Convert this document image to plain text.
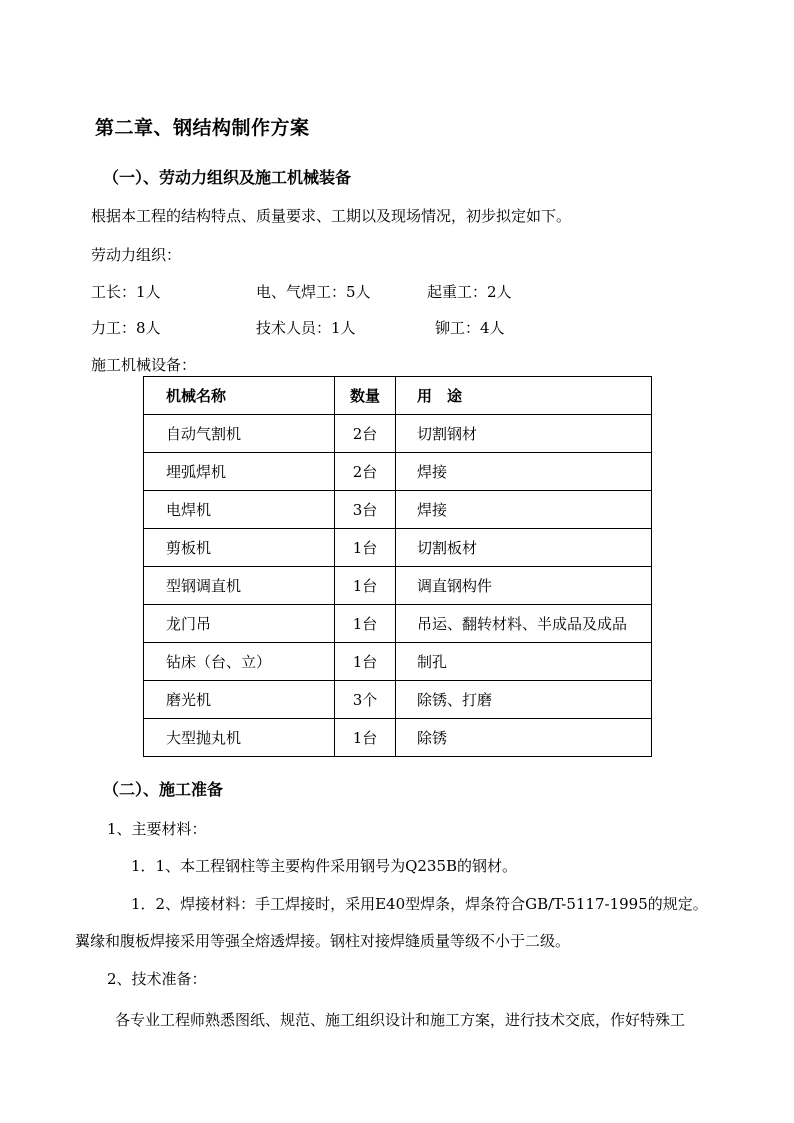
第二章、钢结构制作方案
（一）、劳动力组织及施工机械装备
根据本工程的结构特点、质量要求、工期以及现场情况，初步拟定如下。
劳动力组织：
工长：1人	电、气焊工：5人	起重工：2人
力工：8人	技术人员：1人	铆工：4人
施工机械设备：
机械名称	数量	用　途
自动气割机	2台	切割钢材
埋弧焊机	2台	焊接
电焊机	3台	焊接
剪板机	1台	切割板材
型钢调直机	1台	调直钢构件
龙门吊	1台	吊运、翻转材料、半成品及成品
钻床（台、立）	1台	制孔
磨光机	3个	除锈、打磨
大型抛丸机	1台	除锈
（二）、施工准备
1、主要材料：
1．1、本工程钢柱等主要构件采用钢号为Q235B的钢材。
1．2、焊接材料：手工焊接时，采用E40型焊条，焊条符合GB/T-5117-1995的规定。
翼缘和腹板焊接采用等强全熔透焊接。钢柱对接焊缝质量等级不小于二级。
2、技术准备：
各专业工程师熟悉图纸、规范、施工组织设计和施工方案，进行技术交底，作好特殊工
